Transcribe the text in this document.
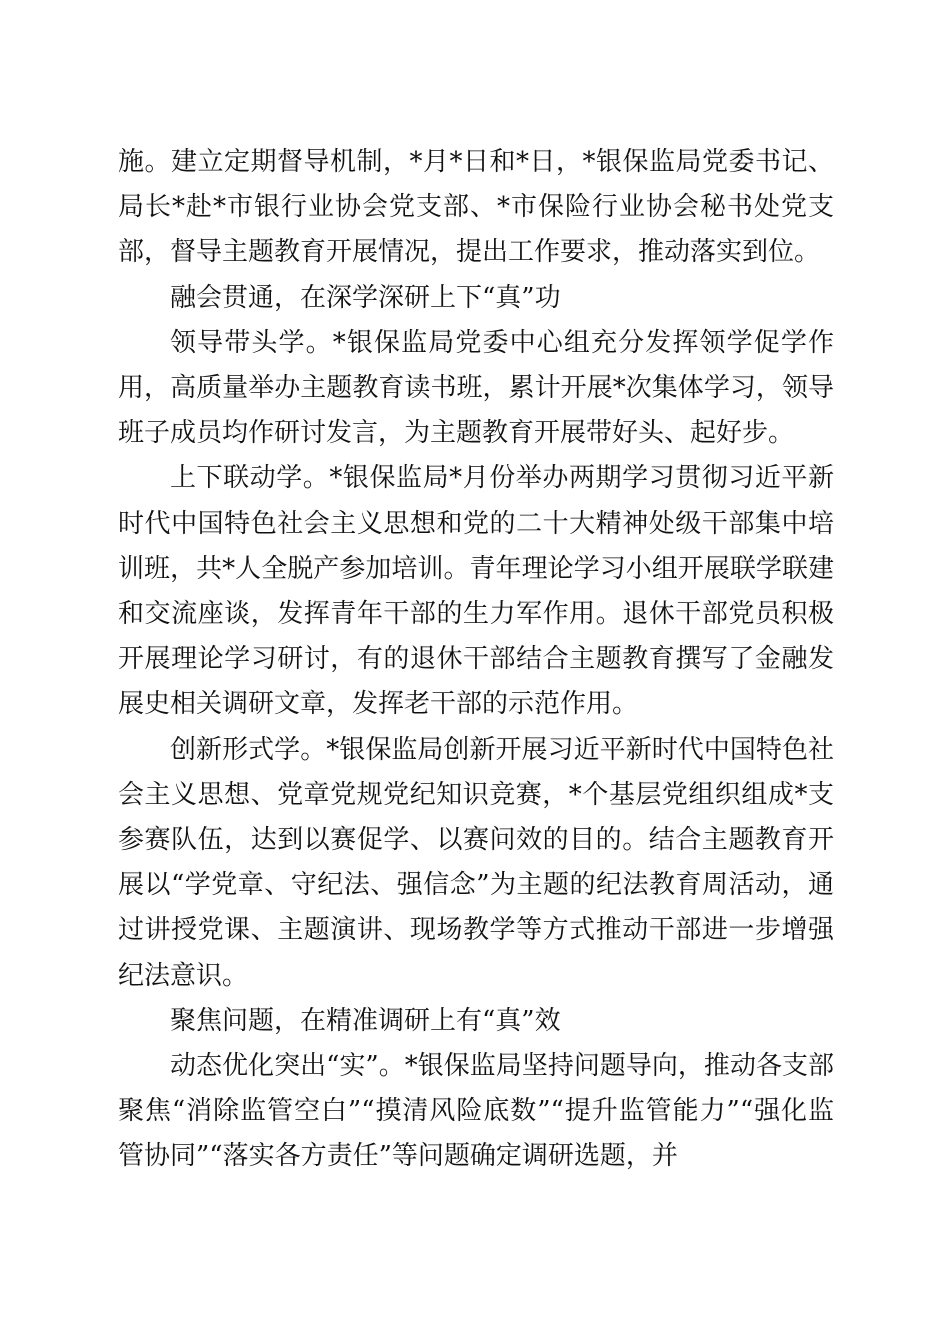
施。建立定期督导机制，*月*日和*日，*银保监局党委书记、局长*赴*市银行业协会党支部、*市保险行业协会秘书处党支部，督导主题教育开展情况，提出工作要求，推动落实到位。

融会贯通，在深学深研上下“真”功

领导带头学。*银保监局党委中心组充分发挥领学促学作用，高质量举办主题教育读书班，累计开展*次集体学习，领导班子成员均作研讨发言，为主题教育开展带好头、起好步。

上下联动学。*银保监局*月份举办两期学习贯彻习近平新时代中国特色社会主义思想和党的二十大精神处级干部集中培训班，共*人全脱产参加培训。青年理论学习小组开展联学联建和交流座谈，发挥青年干部的生力军作用。退休干部党员积极开展理论学习研讨，有的退休干部结合主题教育撰写了金融发展史相关调研文章，发挥老干部的示范作用。

创新形式学。*银保监局创新开展习近平新时代中国特色社会主义思想、党章党规党纪知识竞赛，*个基层党组织组成*支参赛队伍，达到以赛促学、以赛问效的目的。结合主题教育开展以“学党章、守纪法、强信念”为主题的纪法教育周活动，通过讲授党课、主题演讲、现场教学等方式推动干部进一步增强纪法意识。

聚焦问题，在精准调研上有“真”效

动态优化突出“实”。*银保监局坚持问题导向，推动各支部聚焦“消除监管空白”“摸清风险底数”“提升监管能力”“强化监管协同”“落实各方责任”等问题确定调研选题，并
